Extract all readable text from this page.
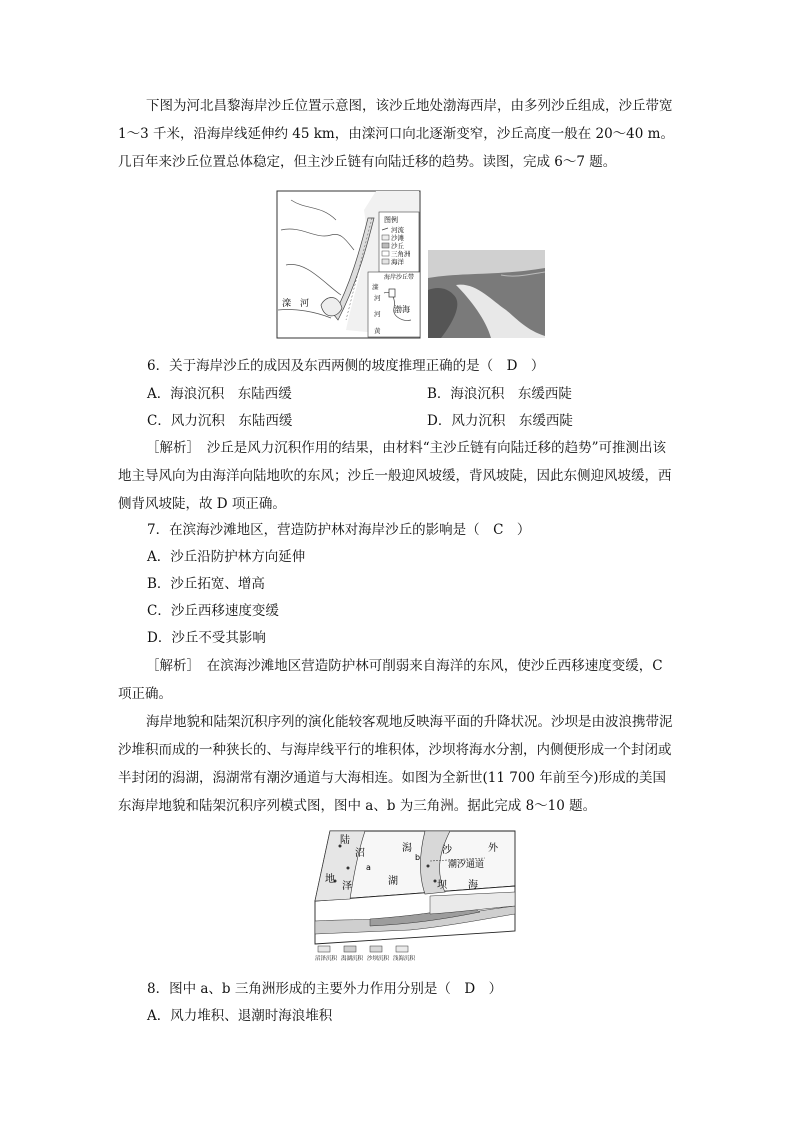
下图为河北昌黎海岸沙丘位置示意图，该沙丘地处渤海西岸，由多列沙丘组成，沙丘带宽 1～3 千米，沿海岸线延伸约 45 km，由滦河口向北逐渐变窄，沙丘高度一般在 20～40 m。几百年来沙丘位置总体稳定，但主沙丘链有向陆迁移的趋势。读图，完成 6～7 题。

图例
河流
沙滩
沙丘
三角洲
海洋
海岸沙丘带
滦
河
渤海
河
黄
滦　河
6．关于海岸沙丘的成因及东西两侧的坡度推理正确的是（　D　）
A．海浪沉积　东陆西缓	B．海浪沉积　东缓西陡
C．风力沉积　东陆西缓	D．风力沉积　东缓西陡

［解析］　沙丘是风力沉积作用的结果，由材料“主沙丘链有向陆迁移的趋势”可推测出该地主导风向为由海洋向陆地吹的东风；沙丘一般迎风坡缓，背风坡陡，因此东侧迎风坡缓，西侧背风坡陡，故 D 项正确。

7．在滨海沙滩地区，营造防护林对海岸沙丘的影响是（　C　）
A．沙丘沿防护林方向延伸
B．沙丘拓宽、增高
C．沙丘西移速度变缓
D．沙丘不受其影响

［解析］　在滨海沙滩地区营造防护林可削弱来自海洋的东风，使沙丘西移速度变缓，C 项正确。

海岸地貌和陆架沉积序列的演化能较客观地反映海平面的升降状况。沙坝是由波浪携带泥沙堆积而成的一种狭长的、与海岸线平行的堆积体，沙坝将海水分割，内侧便形成一个封闭或半封闭的潟湖，潟湖常有潮汐通道与大海相连。如图为全新世(11 700 年前至今)形成的美国东海岸地貌和陆架沉积序列模式图，图中 a、b 为三角洲。据此完成 8～10 题。

陆
沼	潟	沙	外
地
泽	湖	坝 海
潮汐通道
a
b
沼泽沉积 潟湖沉积 沙坝沉积 浅海沉积
8．图中 a、b 三角洲形成的主要外力作用分别是（　D　）
A．风力堆积、退潮时海浪堆积
